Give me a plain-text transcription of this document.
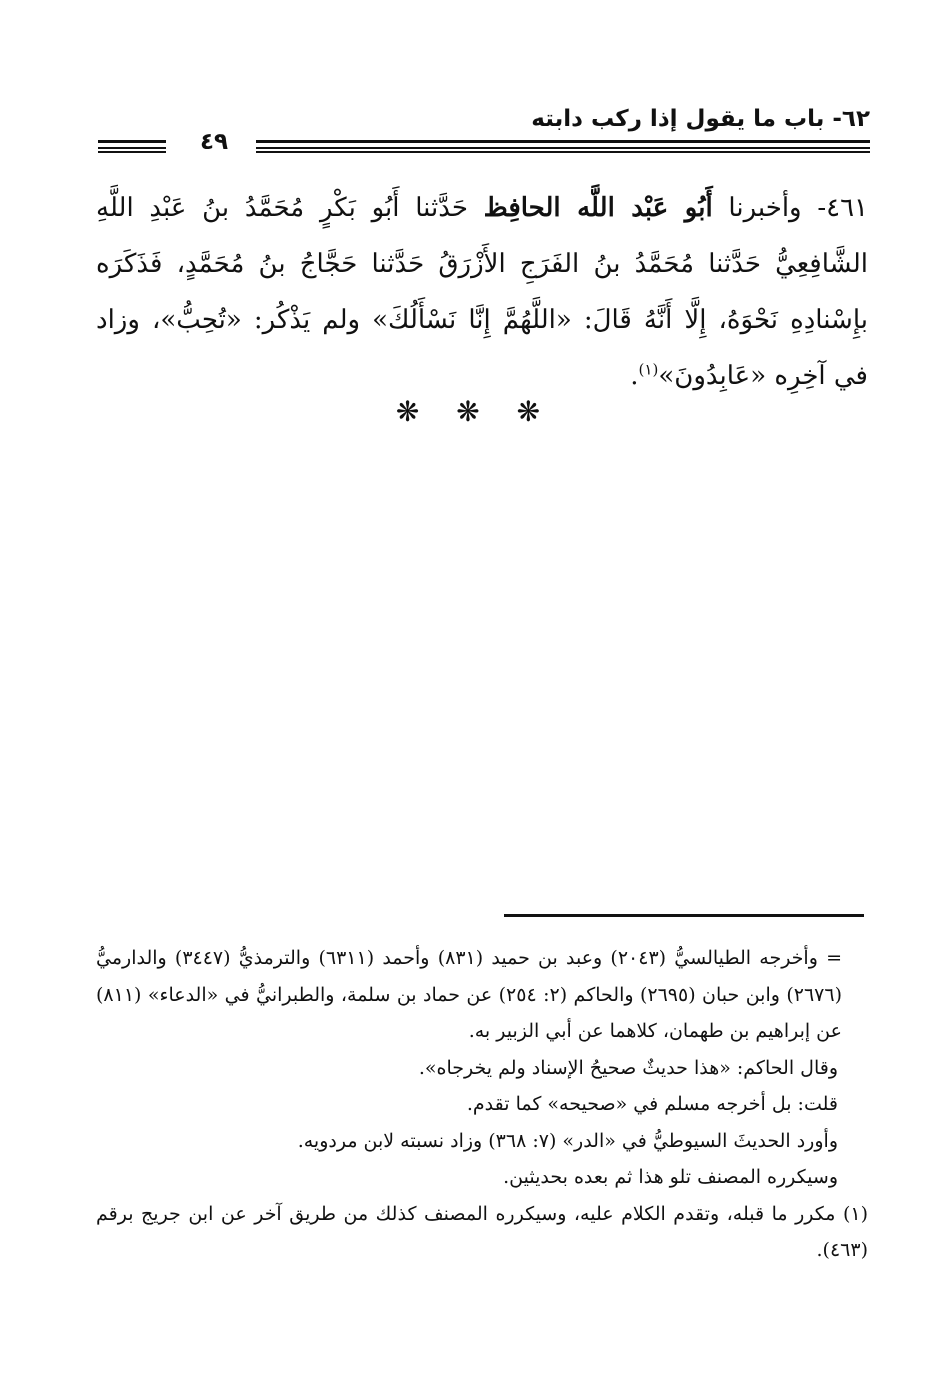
٦٢- باب ما يقول إذا ركب دابته
٤٩

٤٦١- وأخبرنا أَبُو عَبْد اللَّه الحافِظ حَدَّثنا أَبُو بَكْرٍ مُحَمَّدُ بنُ عَبْدِ اللَّهِ الشَّافِعِيُّ حَدَّثنا مُحَمَّدُ بنُ الفَرَجِ الأَزْرَقُ حَدَّثنا حَجَّاجُ بنُ مُحَمَّدٍ، فَذَكَرَه بإِسْنادِهِ نَحْوَهُ، إِلَّا أَنَّهُ قَالَ: «اللَّهُمَّ إِنَّا نَسْأَلُكَ» ولم يَذْكُر: «تُحِبُّ»، وزاد في آخِرِه «عَابِدُونَ»$^{(١)}$.

❋ ❋ ❋

= وأخرجه الطيالسيُّ (٢٠٤٣) وعبد بن حميد (٨٣١) وأحمد (٦٣١١) والترمذيُّ (٣٤٤٧) والدارميُّ (٢٦٧٦) وابن حبان (٢٦٩٥) والحاكم (٢: ٢٥٤) عن حماد بن سلمة، والطبرانيُّ في «الدعاء» (٨١١) عن إبراهيم بن طهمان، كلاهما عن أبي الزبير به.

وقال الحاكم: «هذا حديثٌ صحيحُ الإسناد ولم يخرجاه».

قلت: بل أخرجه مسلم في «صحيحه» كما تقدم.

وأورد الحديثَ السيوطيُّ في «الدر» (٧: ٣٦٨) وزاد نسبته لابن مردويه.

وسيكرره المصنف تلو هذا ثم بعده بحديثين.

(١) مكرر ما قبله، وتقدم الكلام عليه، وسيكرره المصنف كذلك من طريق آخر عن ابن جريج برقم (٤٦٣).
